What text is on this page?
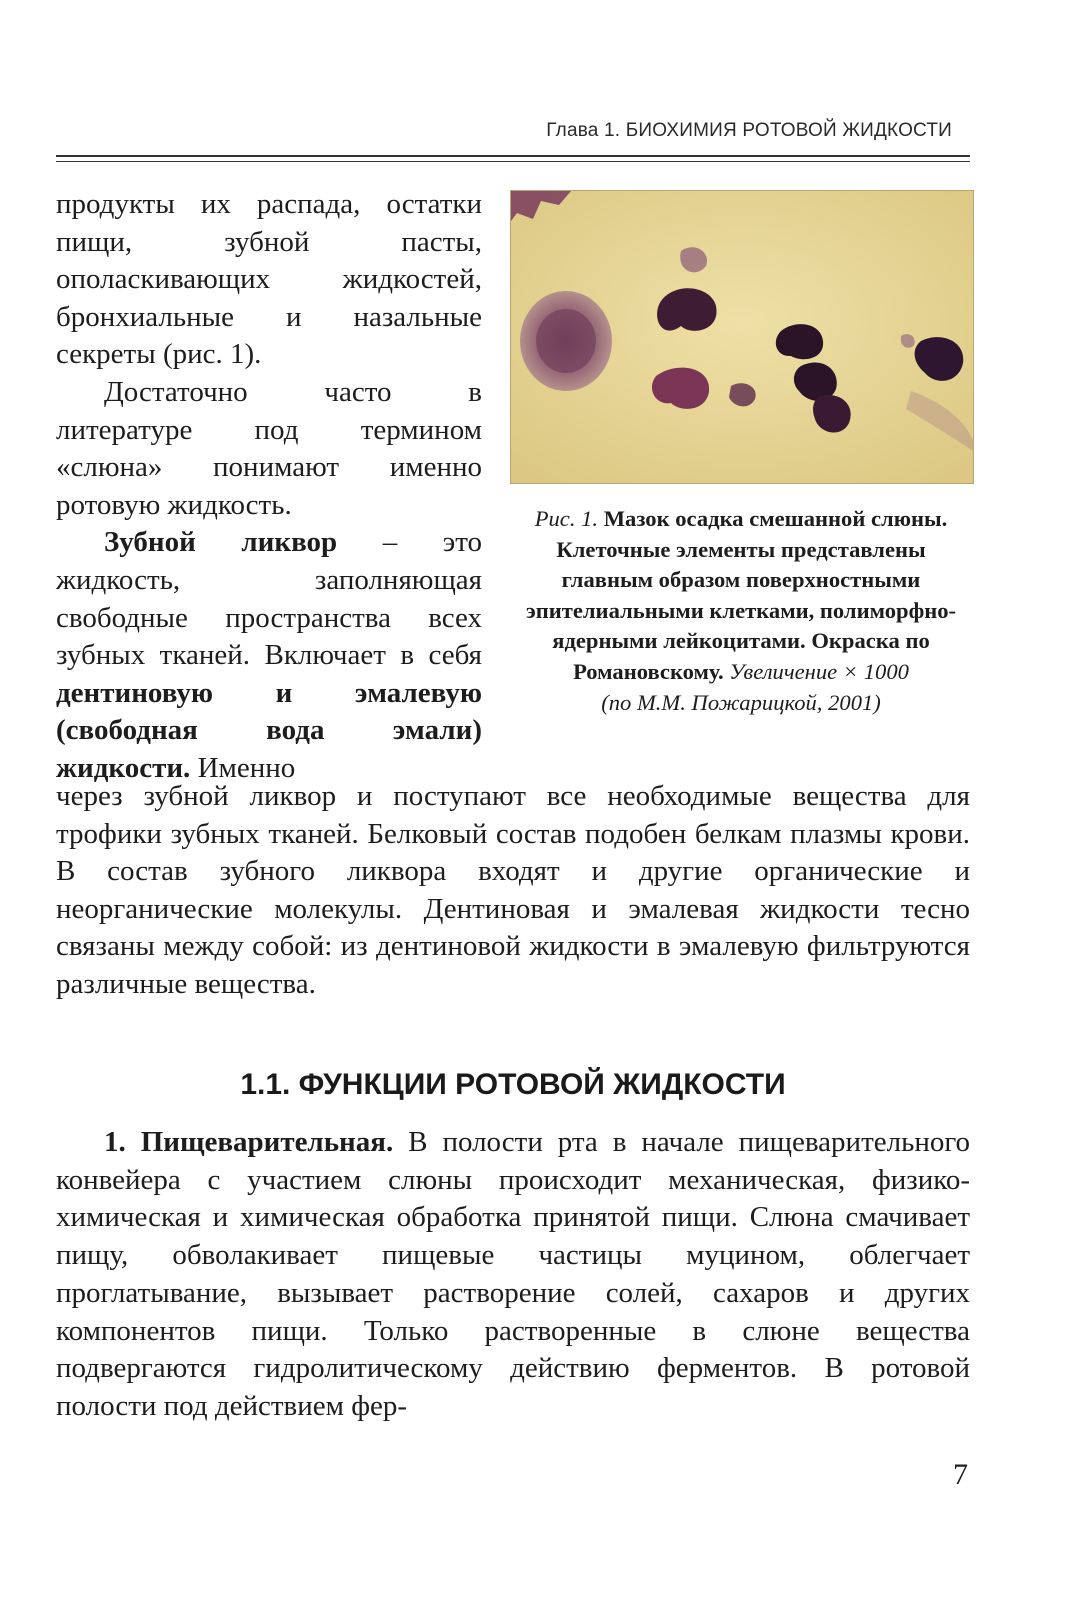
Глава 1. БИОХИМИЯ РОТОВОЙ ЖИДКОСТИ

продукты их распада, остатки пищи, зубной пасты, ополаскивающих жидкостей, бронхиальные и назальные секреты (рис. 1).

Достаточно часто в литературе под термином «слюна» понимают именно ротовую жидкость.

Зубной ликвор – это жидкость, заполняющая свободные пространства всех зубных тканей. Включает в себя дентиновую и эмалевую (свободная вода эмали) жидкости. Именно

Рис. 1. Мазок осадка смешанной слюны. Клеточные элементы представлены главным образом поверхностными эпителиальными клетками, полиморфно-ядерными лейкоцитами. Окраска по Романовскому. Увеличение × 1000
(по М.М. Пожарицкой, 2001)

через зубной ликвор и поступают все необходимые вещества для трофики зубных тканей. Белковый состав подобен белкам плазмы крови. В состав зубного ликвора входят и другие органические и неорганические молекулы. Дентиновая и эмалевая жидкости тесно связаны между собой: из дентиновой жидкости в эмалевую фильтруются различные вещества.

1.1. ФУНКЦИИ РОТОВОЙ ЖИДКОСТИ

1. Пищеварительная. В полости рта в начале пищеварительного конвейера с участием слюны происходит механическая, физико-химическая и химическая обработка принятой пищи. Слюна смачивает пищу, обволакивает пищевые частицы муцином, облегчает проглатывание, вызывает растворение солей, сахаров и других компонентов пищи. Только растворенные в слюне вещества подвергаются гидролитическому действию ферментов. В ротовой полости под действием фер-

7
